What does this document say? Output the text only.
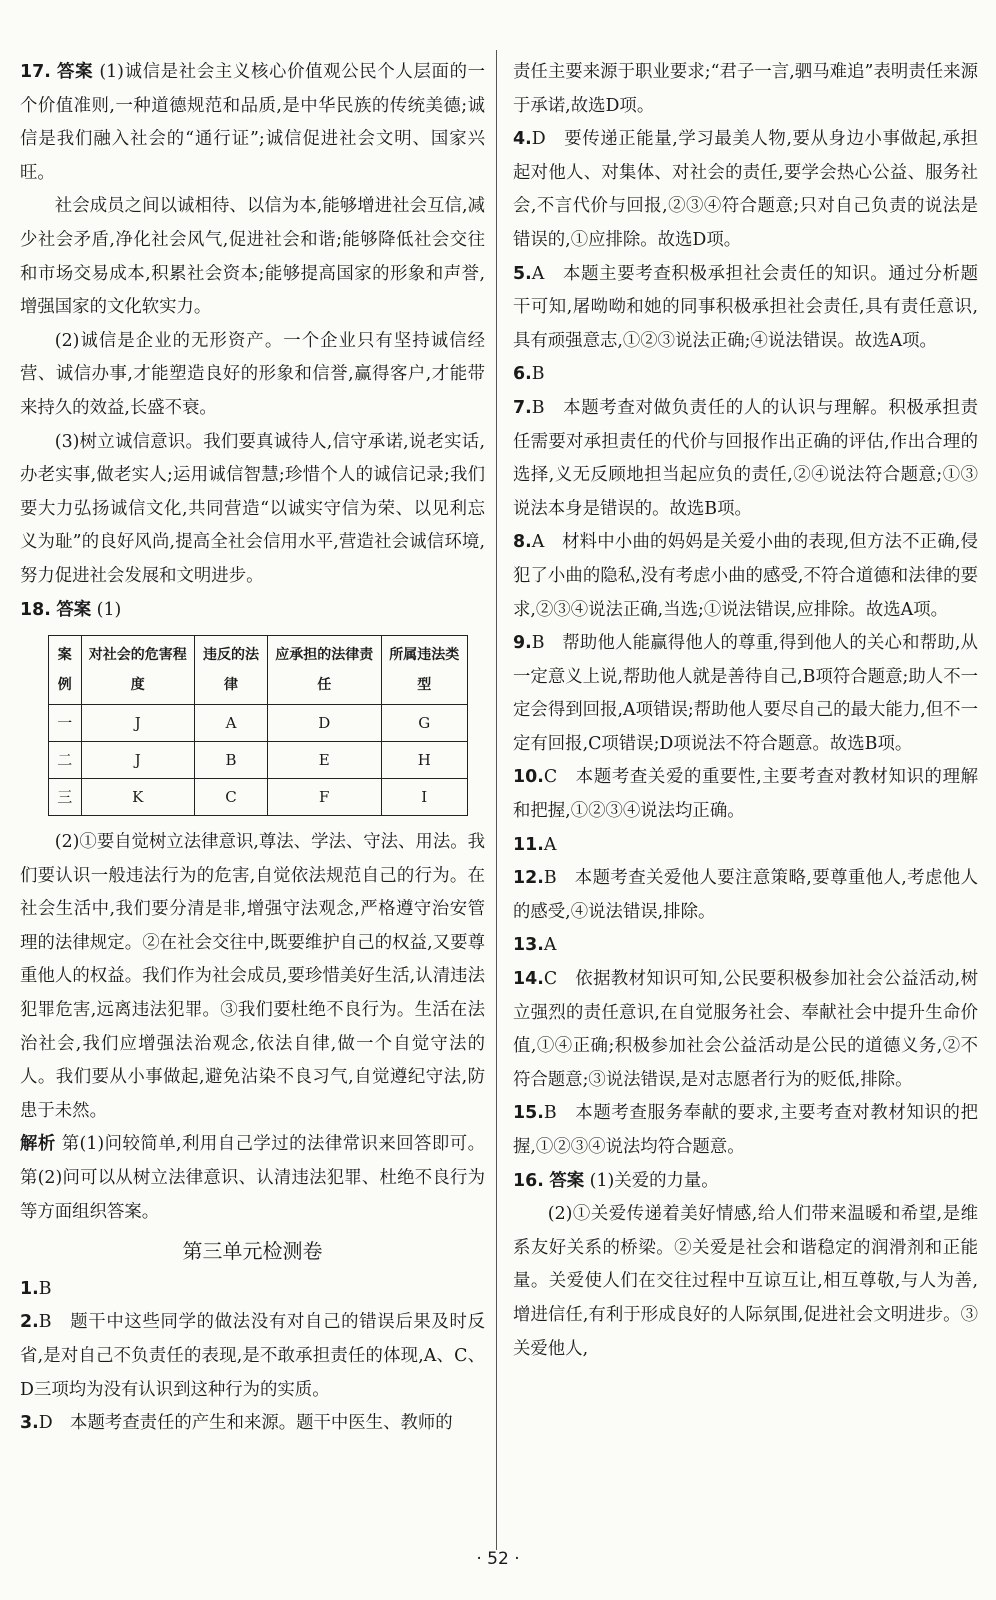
17. 答案 (1)诚信是社会主义核心价值观公民个人层面的一个价值准则,一种道德规范和品质,是中华民族的传统美德;诚信是我们融入社会的“通行证”;诚信促进社会文明、国家兴旺。

社会成员之间以诚相待、以信为本,能够增进社会互信,减少社会矛盾,净化社会风气,促进社会和谐;能够降低社会交往和市场交易成本,积累社会资本;能够提高国家的形象和声誉,增强国家的文化软实力。

(2)诚信是企业的无形资产。一个企业只有坚持诚信经营、诚信办事,才能塑造良好的形象和信誉,赢得客户,才能带来持久的效益,长盛不衰。

(3)树立诚信意识。我们要真诚待人,信守承诺,说老实话,办老实事,做老实人;运用诚信智慧;珍惜个人的诚信记录;我们要大力弘扬诚信文化,共同营造“以诚实守信为荣、以见利忘义为耻”的良好风尚,提高全社会信用水平,营造社会诚信环境,努力促进社会发展和文明进步。

18. 答案 (1)

案例	对社会的危害程度	违反的法律	应承担的法律责任	所属违法类型
一	J	A	D	G
二	J	B	E	H
三	K	C	F	I

(2)①要自觉树立法律意识,尊法、学法、守法、用法。我们要认识一般违法行为的危害,自觉依法规范自己的行为。在社会生活中,我们要分清是非,增强守法观念,严格遵守治安管理的法律规定。②在社会交往中,既要维护自己的权益,又要尊重他人的权益。我们作为社会成员,要珍惜美好生活,认清违法犯罪危害,远离违法犯罪。③我们要杜绝不良行为。生活在法治社会,我们应增强法治观念,依法自律,做一个自觉守法的人。我们要从小事做起,避免沾染不良习气,自觉遵纪守法,防患于未然。

解析 第(1)问较简单,利用自己学过的法律常识来回答即可。第(2)问可以从树立法律意识、认清违法犯罪、杜绝不良行为等方面组织答案。

第三单元检测卷

1.B

2.B　题干中这些同学的做法没有对自己的错误后果及时反省,是对自己不负责任的表现,是不敢承担责任的体现,A、C、D三项均为没有认识到这种行为的实质。

3.D　本题考查责任的产生和来源。题干中医生、教师的

责任主要来源于职业要求;“君子一言,驷马难追”表明责任来源于承诺,故选D项。

4.D　要传递正能量,学习最美人物,要从身边小事做起,承担起对他人、对集体、对社会的责任,要学会热心公益、服务社会,不言代价与回报,②③④符合题意;只对自己负责的说法是错误的,①应排除。故选D项。

5.A　本题主要考查积极承担社会责任的知识。通过分析题干可知,屠呦呦和她的同事积极承担社会责任,具有责任意识,具有顽强意志,①②③说法正确;④说法错误。故选A项。

6.B

7.B　本题考查对做负责任的人的认识与理解。积极承担责任需要对承担责任的代价与回报作出正确的评估,作出合理的选择,义无反顾地担当起应负的责任,②④说法符合题意;①③说法本身是错误的。故选B项。

8.A　材料中小曲的妈妈是关爱小曲的表现,但方法不正确,侵犯了小曲的隐私,没有考虑小曲的感受,不符合道德和法律的要求,②③④说法正确,当选;①说法错误,应排除。故选A项。

9.B　帮助他人能赢得他人的尊重,得到他人的关心和帮助,从一定意义上说,帮助他人就是善待自己,B项符合题意;助人不一定会得到回报,A项错误;帮助他人要尽自己的最大能力,但不一定有回报,C项错误;D项说法不符合题意。故选B项。

10.C　本题考查关爱的重要性,主要考查对教材知识的理解和把握,①②③④说法均正确。

11.A

12.B　本题考查关爱他人要注意策略,要尊重他人,考虑他人的感受,④说法错误,排除。

13.A

14.C　依据教材知识可知,公民要积极参加社会公益活动,树立强烈的责任意识,在自觉服务社会、奉献社会中提升生命价值,①④正确;积极参加社会公益活动是公民的道德义务,②不符合题意;③说法错误,是对志愿者行为的贬低,排除。

15.B　本题考查服务奉献的要求,主要考查对教材知识的把握,①②③④说法均符合题意。

16. 答案 (1)关爱的力量。

(2)①关爱传递着美好情感,给人们带来温暖和希望,是维系友好关系的桥梁。②关爱是社会和谐稳定的润滑剂和正能量。关爱使人们在交往过程中互谅互让,相互尊敬,与人为善,增进信任,有利于形成良好的人际氛围,促进社会文明进步。③关爱他人,

· 52 ·
